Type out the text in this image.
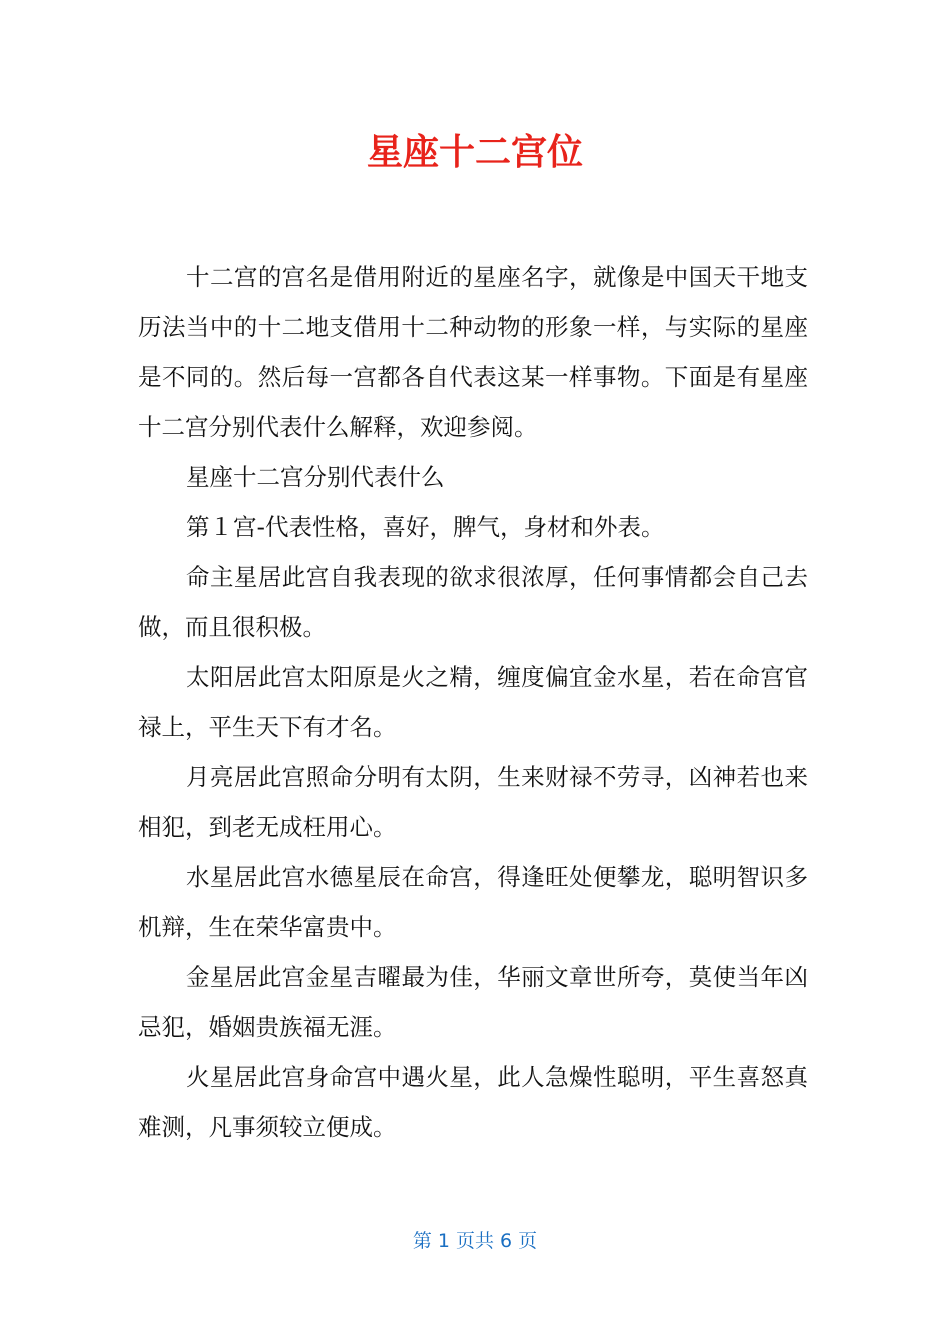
星座十二宫位

十二宫的宫名是借用附近的星座名字，就像是中国天干地支历法当中的十二地支借用十二种动物的形象一样，与实际的星座是不同的。然后每一宫都各自代表这某一样事物。下面是有星座十二宫分别代表什么解释，欢迎参阅。

星座十二宫分别代表什么

第１宫-代表性格，喜好，脾气，身材和外表。

命主星居此宫自我表现的欲求很浓厚，任何事情都会自己去做，而且很积极。

太阳居此宫太阳原是火之精，缠度偏宜金水星，若在命宫官禄上，平生天下有才名。

月亮居此宫照命分明有太阴，生来财禄不劳寻，凶神若也来相犯，到老无成枉用心。

水星居此宫水德星辰在命宫，得逢旺处便攀龙，聪明智识多机辩，生在荣华富贵中。

金星居此宫金星吉曜最为佳，华丽文章世所夸，莫使当年凶忌犯，婚姻贵族福无涯。

火星居此宫身命宫中遇火星，此人急燥性聪明，平生喜怒真难测，凡事须较立便成。

第 1 页共 6 页
